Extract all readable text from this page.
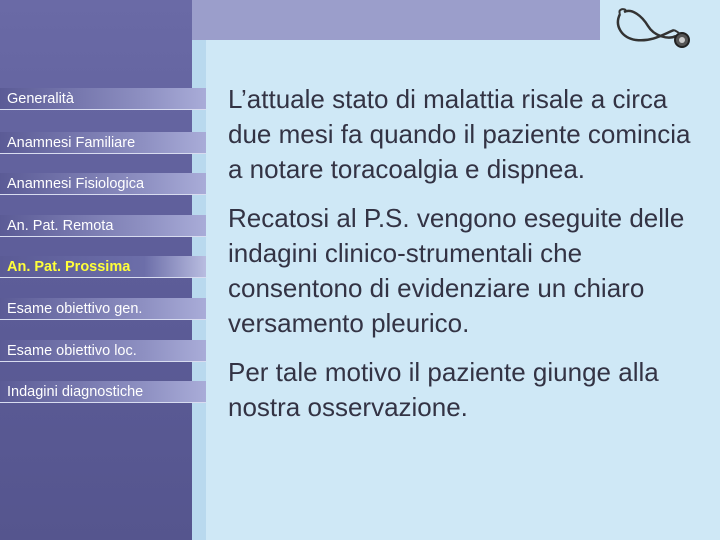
Generalità
Anamnesi Familiare
Anamnesi Fisiologica
An. Pat. Remota
An. Pat. Prossima
Esame obiettivo gen.
Esame obiettivo loc.
Indagini diagnostiche

L’attuale stato di malattia risale a circa due mesi fa quando il paziente comincia a notare toracoalgia e dispnea.

Recatosi al P.S. vengono eseguite delle indagini clinico-strumentali che consentono di evidenziare un chiaro versamento pleurico.

Per tale motivo il paziente giunge alla nostra osservazione.
